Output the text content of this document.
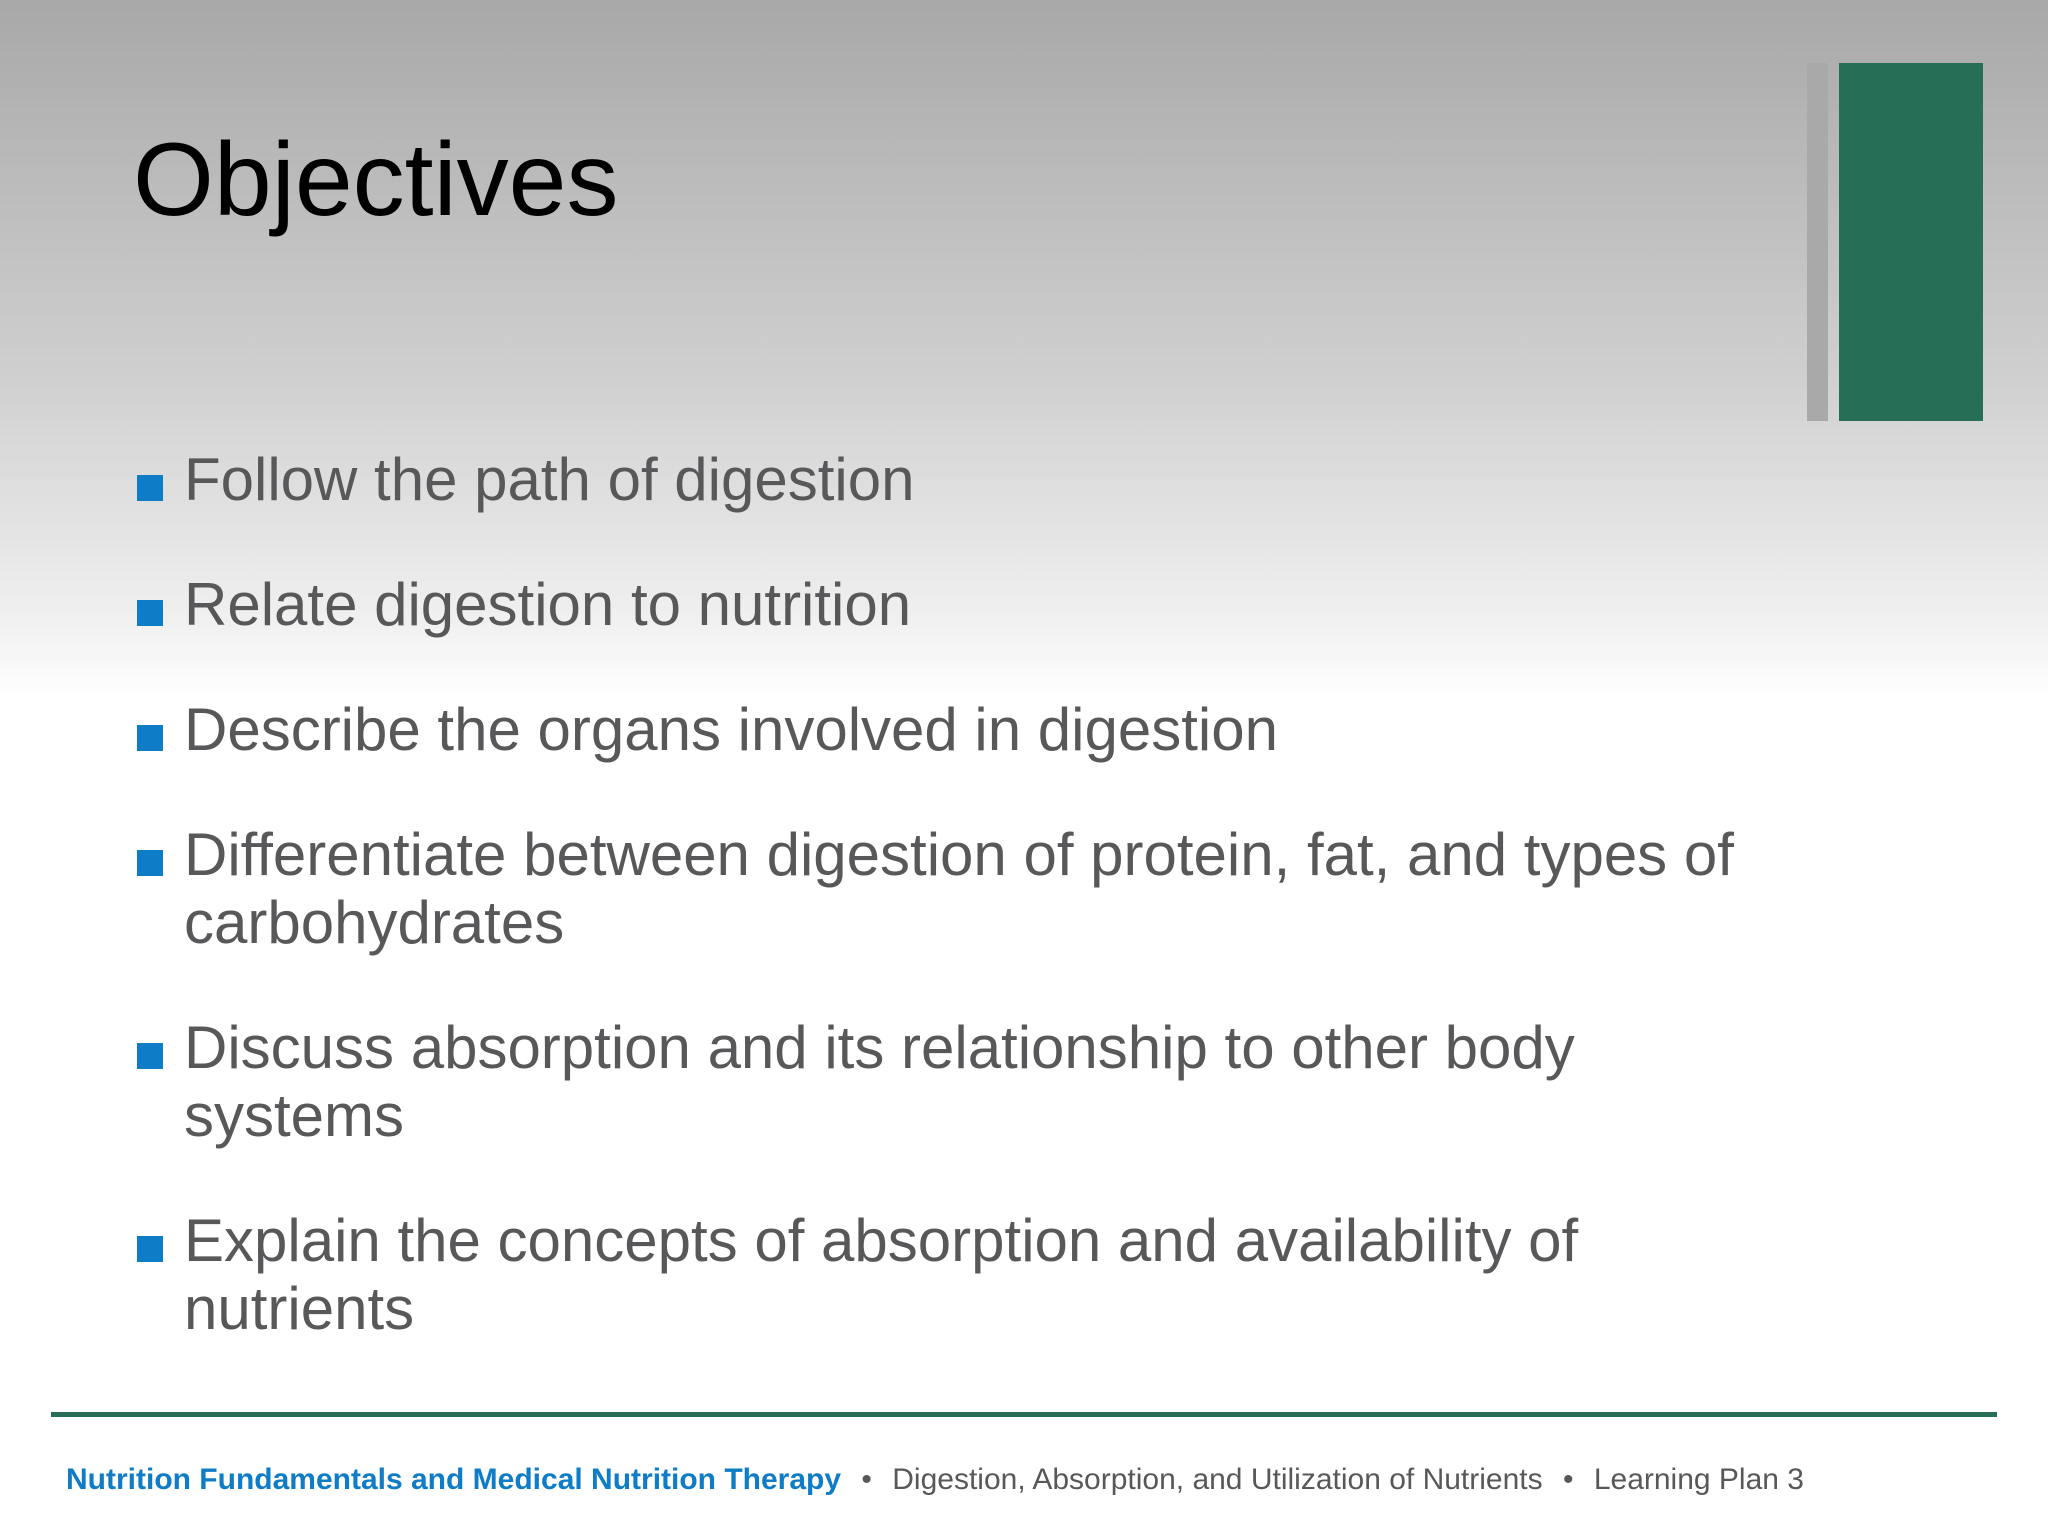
Objectives
Follow the path of digestion
Relate digestion to nutrition
Describe the organs involved in digestion
Differentiate between digestion of protein, fat, and types of carbohydrates
Discuss absorption and its relationship to other body systems
Explain the concepts of absorption and availability of nutrients
Nutrition Fundamentals and Medical Nutrition Therapy • Digestion, Absorption, and Utilization of Nutrients • Learning Plan 3
